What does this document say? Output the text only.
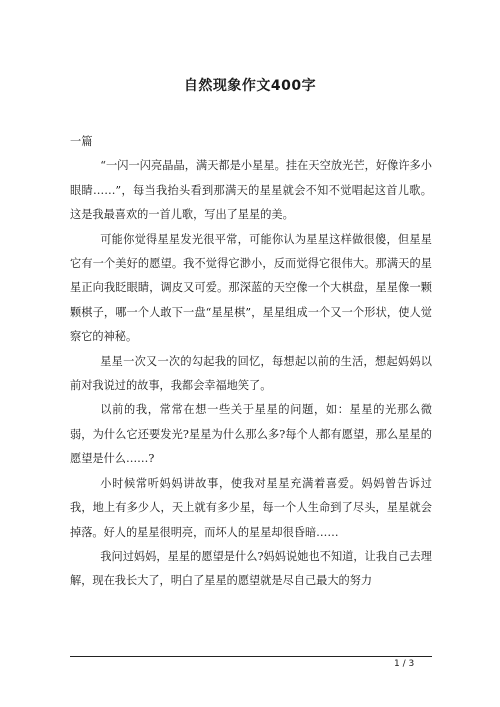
自然现象作文400字

一篇

“一闪一闪亮晶晶，满天都是小星星。挂在天空放光芒，好像许多小眼睛……”，每当我抬头看到那满天的星星就会不知不觉唱起这首儿歌。这是我最喜欢的一首儿歌，写出了星星的美。

可能你觉得星星发光很平常，可能你认为星星这样做很傻，但星星它有一个美好的愿望。我不觉得它渺小，反而觉得它很伟大。那满天的星星正向我眨眼睛，调皮又可爱。那深蓝的天空像一个大棋盘，星星像一颗颗棋子，哪一个人敢下一盘“星星棋”，星星组成一个又一个形状，使人觉察它的神秘。

星星一次又一次的勾起我的回忆，每想起以前的生活，想起妈妈以前对我说过的故事，我都会幸福地笑了。

以前的我，常常在想一些关于星星的问题，如：星星的光那么微弱，为什么它还要发光?星星为什么那么多?每个人都有愿望，那么星星的愿望是什么……?

小时候常听妈妈讲故事，使我对星星充满着喜爱。妈妈曾告诉过我，地上有多少人，天上就有多少星，每一个人生命到了尽头，星星就会掉落。好人的星星很明亮，而坏人的星星却很昏暗……

我问过妈妈，星星的愿望是什么?妈妈说她也不知道，让我自己去理解，现在我长大了，明白了星星的愿望就是尽自己最大的努力

1 / 3
